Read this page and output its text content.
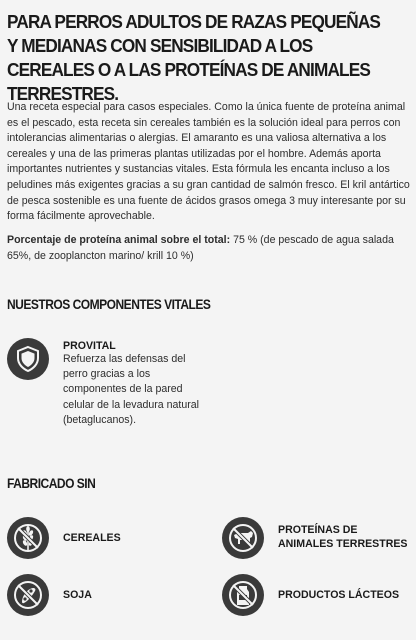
PARA PERROS ADULTOS DE RAZAS PEQUEÑAS Y MEDIANAS CON SENSIBILIDAD A LOS CEREALES O A LAS PROTEÍNAS DE ANIMALES TERRESTRES.

Una receta especial para casos especiales. Como la única fuente de proteína animal es el pescado, esta receta sin cereales también es la solución ideal para perros con intolerancias alimentarias o alergias. El amaranto es una valiosa alternativa a los cereales y una de las primeras plantas utilizadas por el hombre. Además aporta importantes nutrientes y sustancias vitales. Esta fórmula les encanta incluso a los peludines más exigentes gracias a su gran cantidad de salmón fresco. El kril antártico de pesca sostenible es una fuente de ácidos grasos omega 3 muy interesante por su forma fácilmente aprovechable.

Porcentaje de proteína animal sobre el total: 75 % (de pescado de agua salada 65%, de zooplancton marino/ krill 10 %)

NUESTROS COMPONENTES VITALES
PROVITAL
Refuerza las defensas del perro gracias a los componentes de la pared celular de la levadura natural (betaglucanos).
FABRICADO SIN
CEREALES
PROTEÍNAS DE ANIMALES TERRESTRES
SOJA	PRODUCTOS LÁCTEOS
